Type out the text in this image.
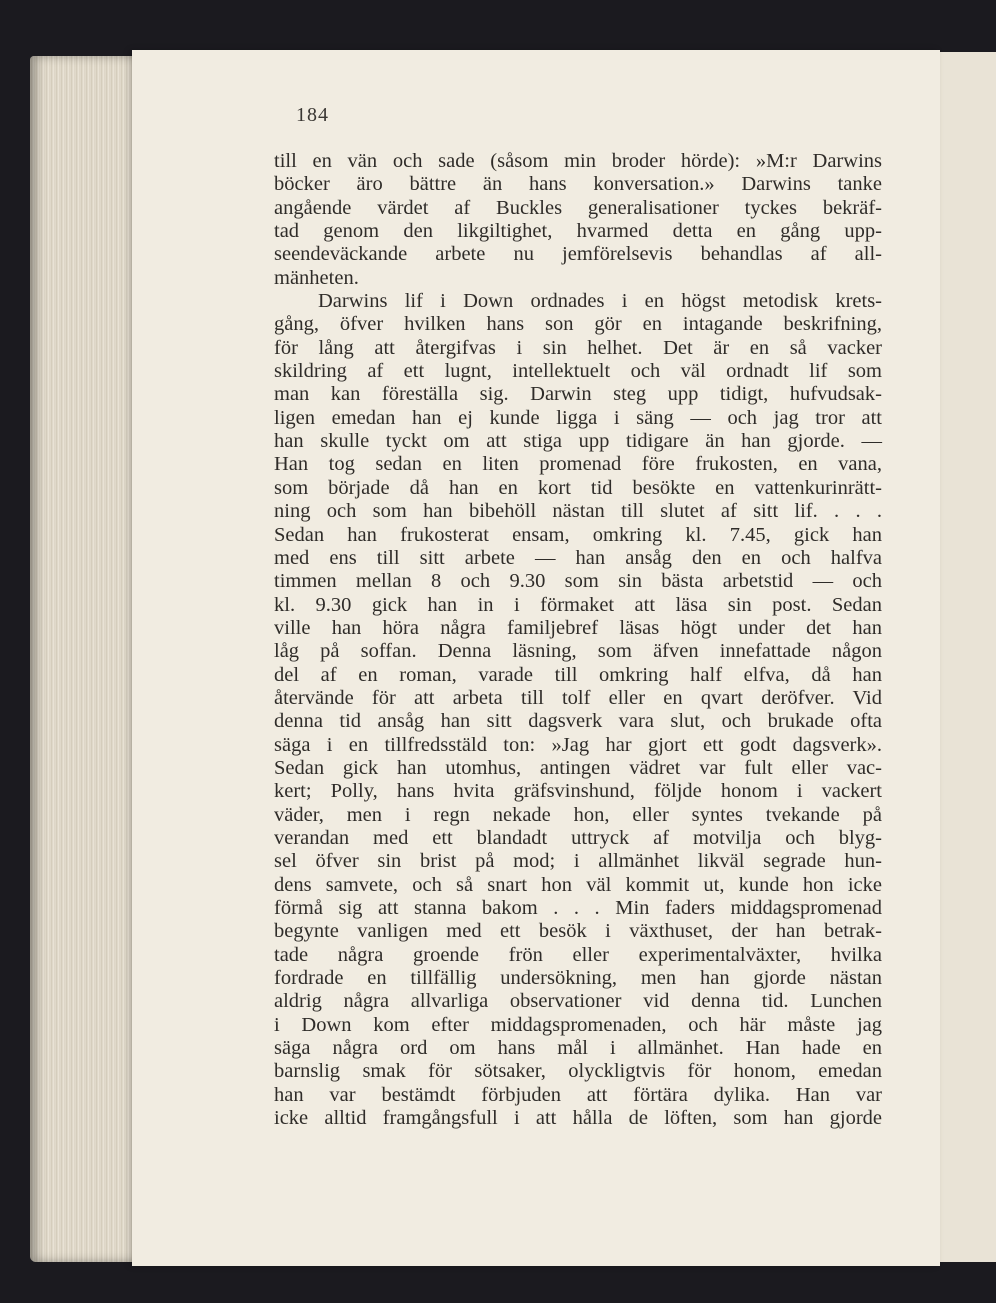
184
till en vän och sade (såsom min broder hörde): »M:r Darwins
böcker äro bättre än hans konversation.» Darwins tanke
angående värdet af Buckles generalisationer tyckes bekräf-
tad genom den likgiltighet, hvarmed detta en gång upp-
seendeväckande arbete nu jemförelsevis behandlas af all-
mänheten.
Darwins lif i Down ordnades i en högst metodisk krets-
gång, öfver hvilken hans son gör en intagande beskrifning,
för lång att återgifvas i sin helhet. Det är en så vacker
skildring af ett lugnt, intellektuelt och väl ordnadt lif som
man kan föreställa sig. Darwin steg upp tidigt, hufvudsak-
ligen emedan han ej kunde ligga i säng — och jag tror att
han skulle tyckt om att stiga upp tidigare än han gjorde. —
Han tog sedan en liten promenad före frukosten, en vana,
som började då han en kort tid besökte en vattenkurinrätt-
ning och som han bibehöll nästan till slutet af sitt lif. . . .
Sedan han frukosterat ensam, omkring kl. 7.45, gick han
med ens till sitt arbete — han ansåg den en och halfva
timmen mellan 8 och 9.30 som sin bästa arbetstid — och
kl. 9.30 gick han in i förmaket att läsa sin post. Sedan
ville han höra några familjebref läsas högt under det han
låg på soffan. Denna läsning, som äfven innefattade någon
del af en roman, varade till omkring half elfva, då han
återvände för att arbeta till tolf eller en qvart deröfver. Vid
denna tid ansåg han sitt dagsverk vara slut, och brukade ofta
säga i en tillfredsstäld ton: »Jag har gjort ett godt dagsverk».
Sedan gick han utomhus, antingen vädret var fult eller vac-
kert; Polly, hans hvita gräfsvinshund, följde honom i vackert
väder, men i regn nekade hon, eller syntes tvekande på
verandan med ett blandadt uttryck af motvilja och blyg-
sel öfver sin brist på mod; i allmänhet likväl segrade hun-
dens samvete, och så snart hon väl kommit ut, kunde hon icke
förmå sig att stanna bakom . . . Min faders middagspromenad
begynte vanligen med ett besök i växthuset, der han betrak-
tade några groende frön eller experimentalväxter, hvilka
fordrade en tillfällig undersökning, men han gjorde nästan
aldrig några allvarliga observationer vid denna tid. Lunchen
i Down kom efter middagspromenaden, och här måste jag
säga några ord om hans mål i allmänhet. Han hade en
barnslig smak för sötsaker, olyckligtvis för honom, emedan
han var bestämdt förbjuden att förtära dylika. Han var
icke alltid framgångsfull i att hålla de löften, som han gjorde
